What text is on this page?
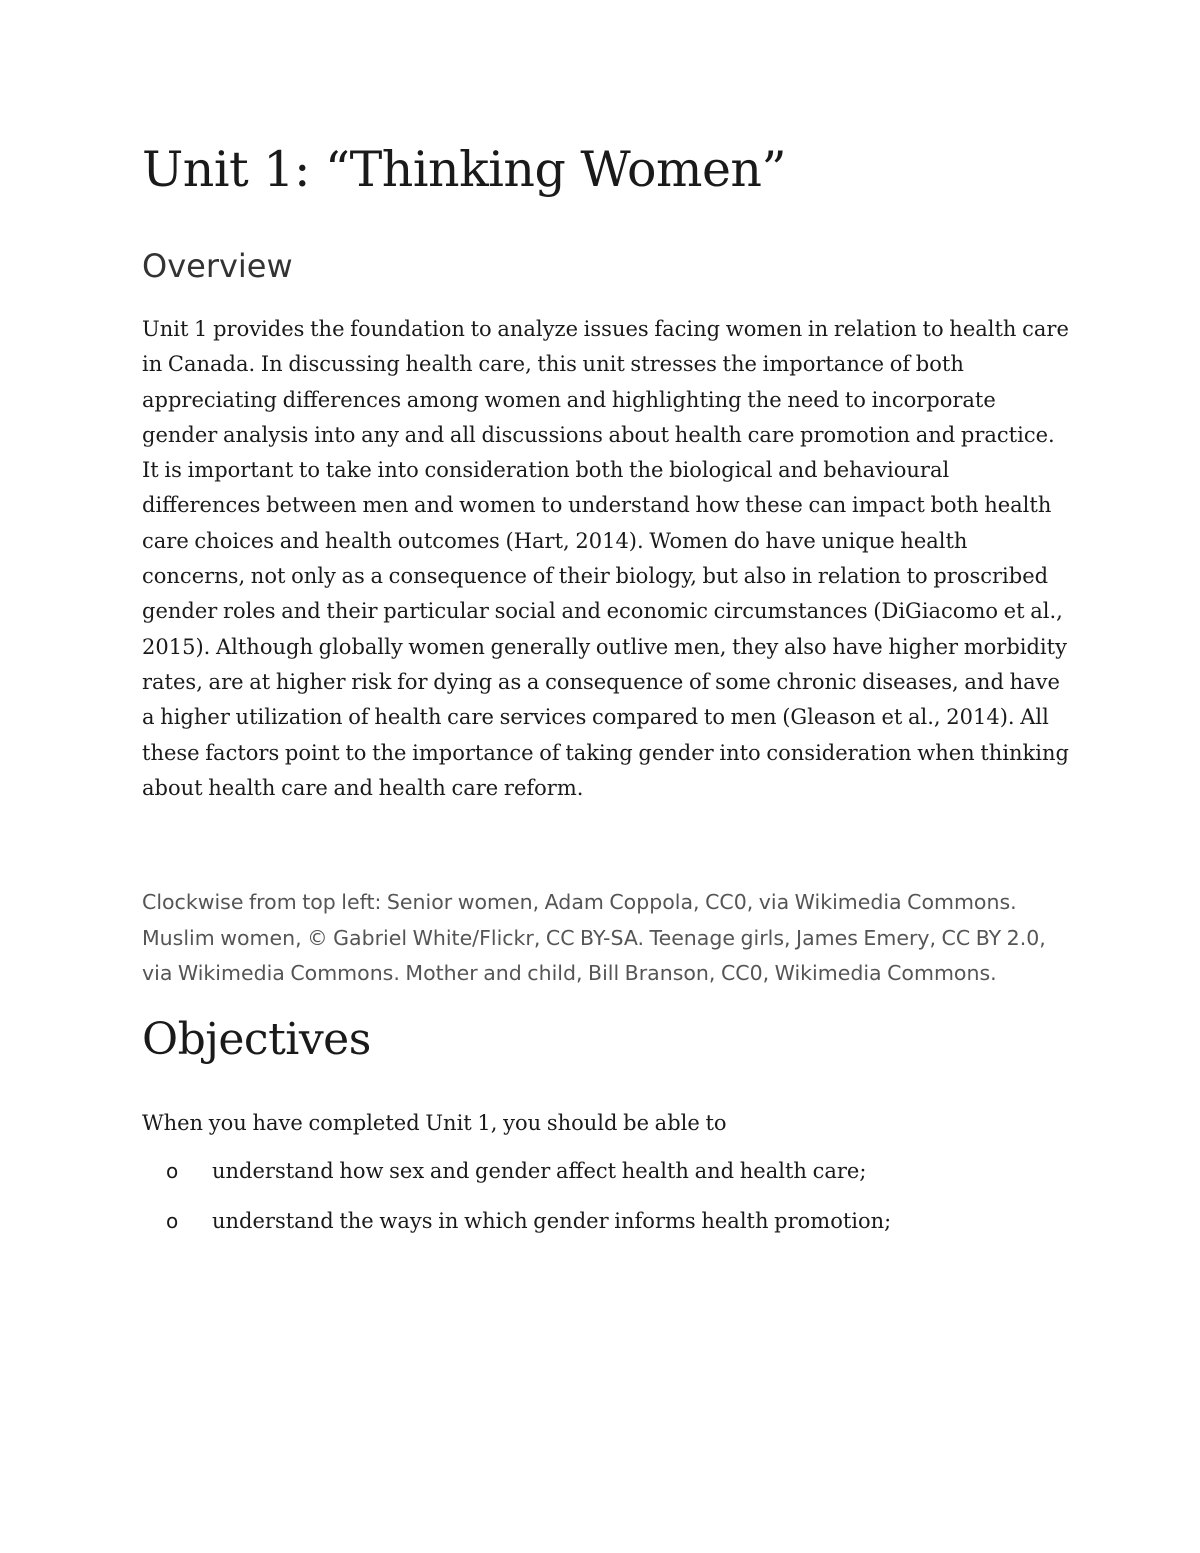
Unit 1: “Thinking Women”
Overview

Unit 1 provides the foundation to analyze issues facing women in relation to health care in Canada. In discussing health care, this unit stresses the importance of both appreciating differences among women and highlighting the need to incorporate gender analysis into any and all discussions about health care promotion and practice. It is important to take into consideration both the biological and behavioural differences between men and women to understand how these can impact both health care choices and health outcomes (Hart, 2014). Women do have unique health concerns, not only as a consequence of their biology, but also in relation to proscribed gender roles and their particular social and economic circumstances (DiGiacomo et al., 2015). Although globally women generally outlive men, they also have higher morbidity rates, are at higher risk for dying as a consequence of some chronic diseases, and have a higher utilization of health care services compared to men (Gleason et al., 2014). All these factors point to the importance of taking gender into consideration when thinking about health care and health care reform.

Clockwise from top left: Senior women, Adam Coppola, CC0, via Wikimedia Commons. Muslim women, © Gabriel White/Flickr, CC BY-SA. Teenage girls, James Emery, CC BY 2.0, via Wikimedia Commons. Mother and child, Bill Branson, CC0, Wikimedia Commons.

Objectives

When you have completed Unit 1, you should be able to

o understand how sex and gender affect health and health care;
o understand the ways in which gender informs health promotion;
